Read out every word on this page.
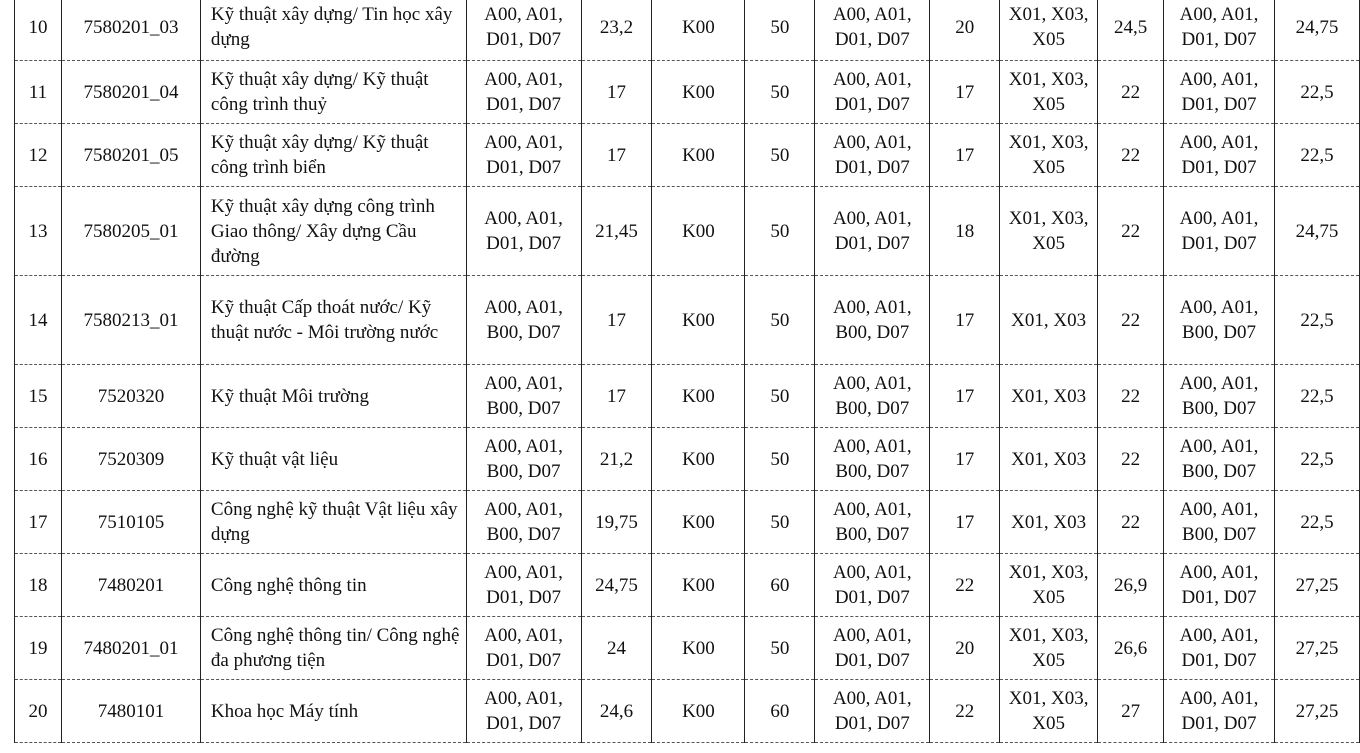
10	7580201_03	Kỹ thuật xây dựng/ Tin học xây dựng	A00, A01, D01, D07	23,2	K00	50	A00, A01, D01, D07	20	X01, X03, X05	24,5	A00, A01, D01, D07	24,75
11	7580201_04	Kỹ thuật xây dựng/ Kỹ thuật công trình thuỷ	A00, A01, D01, D07	17	K00	50	A00, A01, D01, D07	17	X01, X03, X05	22	A00, A01, D01, D07	22,5
12	7580201_05	Kỹ thuật xây dựng/ Kỹ thuật công trình biển	A00, A01, D01, D07	17	K00	50	A00, A01, D01, D07	17	X01, X03, X05	22	A00, A01, D01, D07	22,5
13	7580205_01	Kỹ thuật xây dựng công trình Giao thông/ Xây dựng Cầu đường	A00, A01, D01, D07	21,45	K00	50	A00, A01, D01, D07	18	X01, X03, X05	22	A00, A01, D01, D07	24,75
14	7580213_01	Kỹ thuật Cấp thoát nước/ Kỹ thuật nước - Môi trường nước	A00, A01, B00, D07	17	K00	50	A00, A01, B00, D07	17	X01, X03	22	A00, A01, B00, D07	22,5
15	7520320	Kỹ thuật Môi trường	A00, A01, B00, D07	17	K00	50	A00, A01, B00, D07	17	X01, X03	22	A00, A01, B00, D07	22,5
16	7520309	Kỹ thuật vật liệu	A00, A01, B00, D07	21,2	K00	50	A00, A01, B00, D07	17	X01, X03	22	A00, A01, B00, D07	22,5
17	7510105	Công nghệ kỹ thuật Vật liệu xây dựng	A00, A01, B00, D07	19,75	K00	50	A00, A01, B00, D07	17	X01, X03	22	A00, A01, B00, D07	22,5
18	7480201	Công nghệ thông tin	A00, A01, D01, D07	24,75	K00	60	A00, A01, D01, D07	22	X01, X03, X05	26,9	A00, A01, D01, D07	27,25
19	7480201_01	Công nghệ thông tin/ Công nghệ đa phương tiện	A00, A01, D01, D07	24	K00	50	A00, A01, D01, D07	20	X01, X03, X05	26,6	A00, A01, D01, D07	27,25
20	7480101	Khoa học Máy tính	A00, A01, D01, D07	24,6	K00	60	A00, A01, D01, D07	22	X01, X03, X05	27	A00, A01, D01, D07	27,25
